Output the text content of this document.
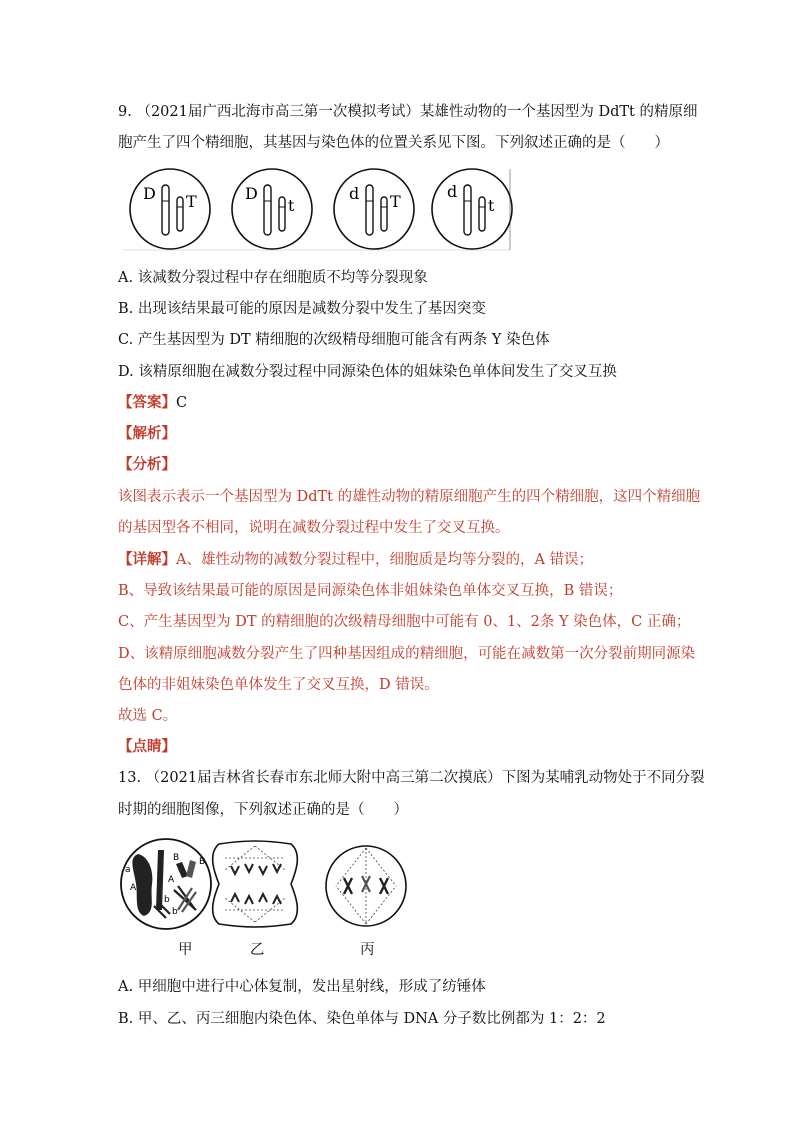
9. （2021届广西北海市高三第一次模拟考试）某雄性动物的一个基因型为 DdTt 的精原细
胞产生了四个精细胞，其基因与染色体的位置关系见下图。下列叙述正确的是（　　）
D T	D
t
d T
d
t
A. 该减数分裂过程中存在细胞质不均等分裂现象
B. 出现该结果最可能的原因是减数分裂中发生了基因突变
C. 产生基因型为 DT 精细胞的次级精母细胞可能含有两条 Y 染色体
D. 该精原细胞在减数分裂过程中同源染色体的姐妹染色单体间发生了交叉互换
【答案】C
【解析】
【分析】
该图表示表示一个基因型为 DdTt 的雄性动物的精原细胞产生的四个精细胞，这四个精细胞
的基因型各不相同，说明在减数分裂过程中发生了交叉互换。
【详解】A、雄性动物的减数分裂过程中，细胞质是均等分裂的，A 错误；
B、导致该结果最可能的原因是同源染色体非姐妹染色单体交叉互换，B 错误；
C、产生基因型为 DT 的精细胞的次级精母细胞中可能有 0、1、2条 Y 染色体，C 正确；
D、该精原细胞减数分裂产生了四种基因组成的精细胞，可能在减数第一次分裂前期同源染
色体的非姐妹染色单体发生了交叉互换，D 错误。
故选 C。
【点睛】
13. （2021届吉林省长春市东北师大附中高三第二次摸底）下图为某哺乳动物处于不同分裂
时期的细胞图像，下列叙述正确的是（　　）
a
B B
A
A
b
b
甲	乙	丙
A. 甲细胞中进行中心体复制，发出星射线，形成了纺锤体
B. 甲、乙、丙三细胞内染色体、染色单体与 DNA 分子数比例都为 1：2：2
